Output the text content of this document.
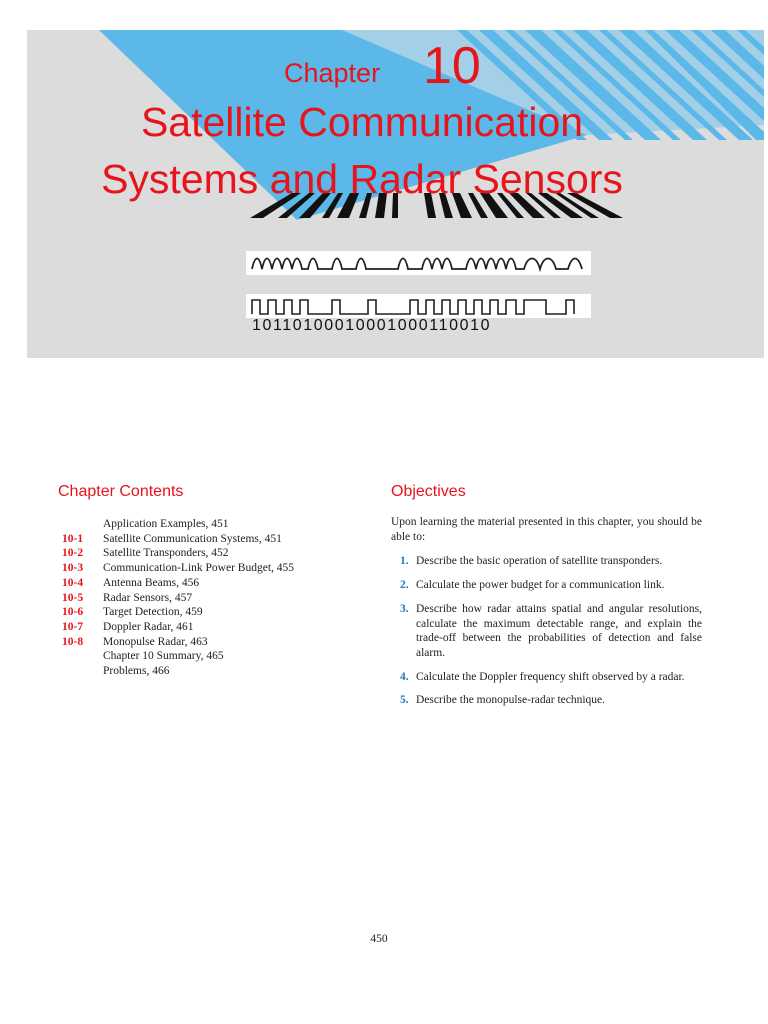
Chapter 10
Satellite Communication
Systems and Radar Sensors
10110100010001000110010
Chapter Contents
Application Examples, 451
10-1	Satellite Communication Systems, 451
10-2	Satellite Transponders, 452
10-3	Communication-Link Power Budget, 455
10-4	Antenna Beams, 456
10-5	Radar Sensors, 457
10-6	Target Detection, 459
10-7	Doppler Radar, 461
10-8	Monopulse Radar, 463
Chapter 10 Summary, 465
Problems, 466
Objectives

Upon learning the material presented in this chapter, you should be able to:

1. Describe the basic operation of satellite transponders.
2. Calculate the power budget for a communication link.
3. Describe how radar attains spatial and angular resolutions, calculate the maximum detectable range, and explain the trade-off between the probabilities of detection and false alarm.
4. Calculate the Doppler frequency shift observed by a radar.
5. Describe the monopulse-radar technique.
450
